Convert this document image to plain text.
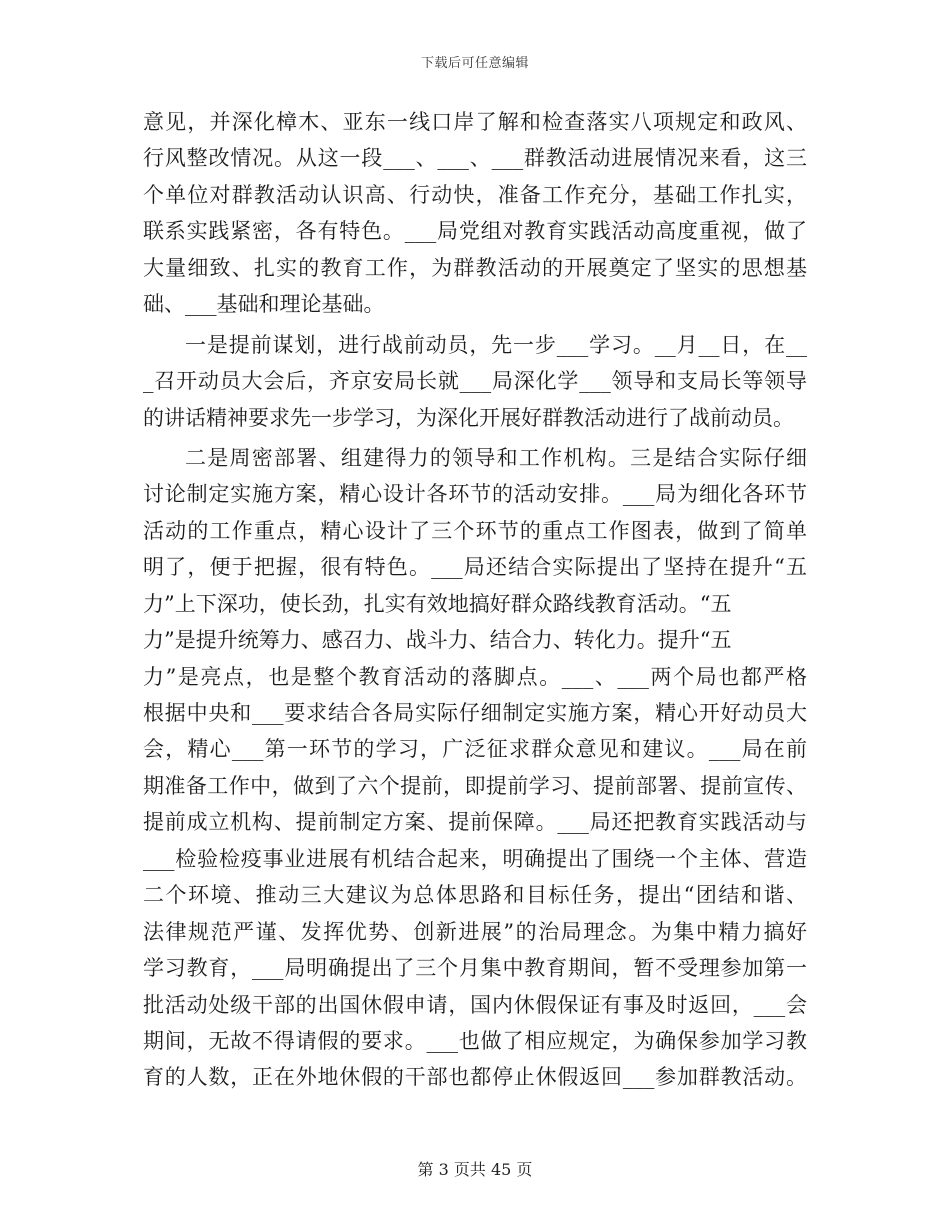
下载后可任意编辑
意见，并深化樟木、亚东一线口岸了解和检查落实八项规定和政风、
行风整改情况。从这一段___、___、___群教活动进展情况来看，这三
个单位对群教活动认识高、行动快，准备工作充分，基础工作扎实，
联系实践紧密，各有特色。___局党组对教育实践活动高度重视，做了
大量细致、扎实的教育工作，为群教活动的开展奠定了坚实的思想基
础、___基础和理论基础。
一是提前谋划，进行战前动员，先一步___学习。__月__日，在__
_召开动员大会后，齐京安局长就___局深化学___领导和支局长等领导
的讲话精神要求先一步学习，为深化开展好群教活动进行了战前动员。
二是周密部署、组建得力的领导和工作机构。三是结合实际仔细
讨论制定实施方案，精心设计各环节的活动安排。___局为细化各环节
活动的工作重点，精心设计了三个环节的重点工作图表，做到了简单
明了，便于把握，很有特色。___局还结合实际提出了坚持在提升“五
力”上下深功，使长劲，扎实有效地搞好群众路线教育活动。“五
力”是提升统筹力、感召力、战斗力、结合力、转化力。提升“五
力”是亮点，也是整个教育活动的落脚点。___、___两个局也都严格
根据中央和___要求结合各局实际仔细制定实施方案，精心开好动员大
会，精心___第一环节的学习，广泛征求群众意见和建议。___局在前
期准备工作中，做到了六个提前，即提前学习、提前部署、提前宣传、
提前成立机构、提前制定方案、提前保障。___局还把教育实践活动与
___检验检疫事业进展有机结合起来，明确提出了围绕一个主体、营造
二个环境、推动三大建议为总体思路和目标任务，提出“团结和谐、
法律规范严谨、发挥优势、创新进展”的治局理念。为集中精力搞好
学习教育，___局明确提出了三个月集中教育期间，暂不受理参加第一
批活动处级干部的出国休假申请，国内休假保证有事及时返回，___会
期间，无故不得请假的要求。___也做了相应规定，为确保参加学习教
育的人数，正在外地休假的干部也都停止休假返回___参加群教活动。
第 3 页共 45 页
